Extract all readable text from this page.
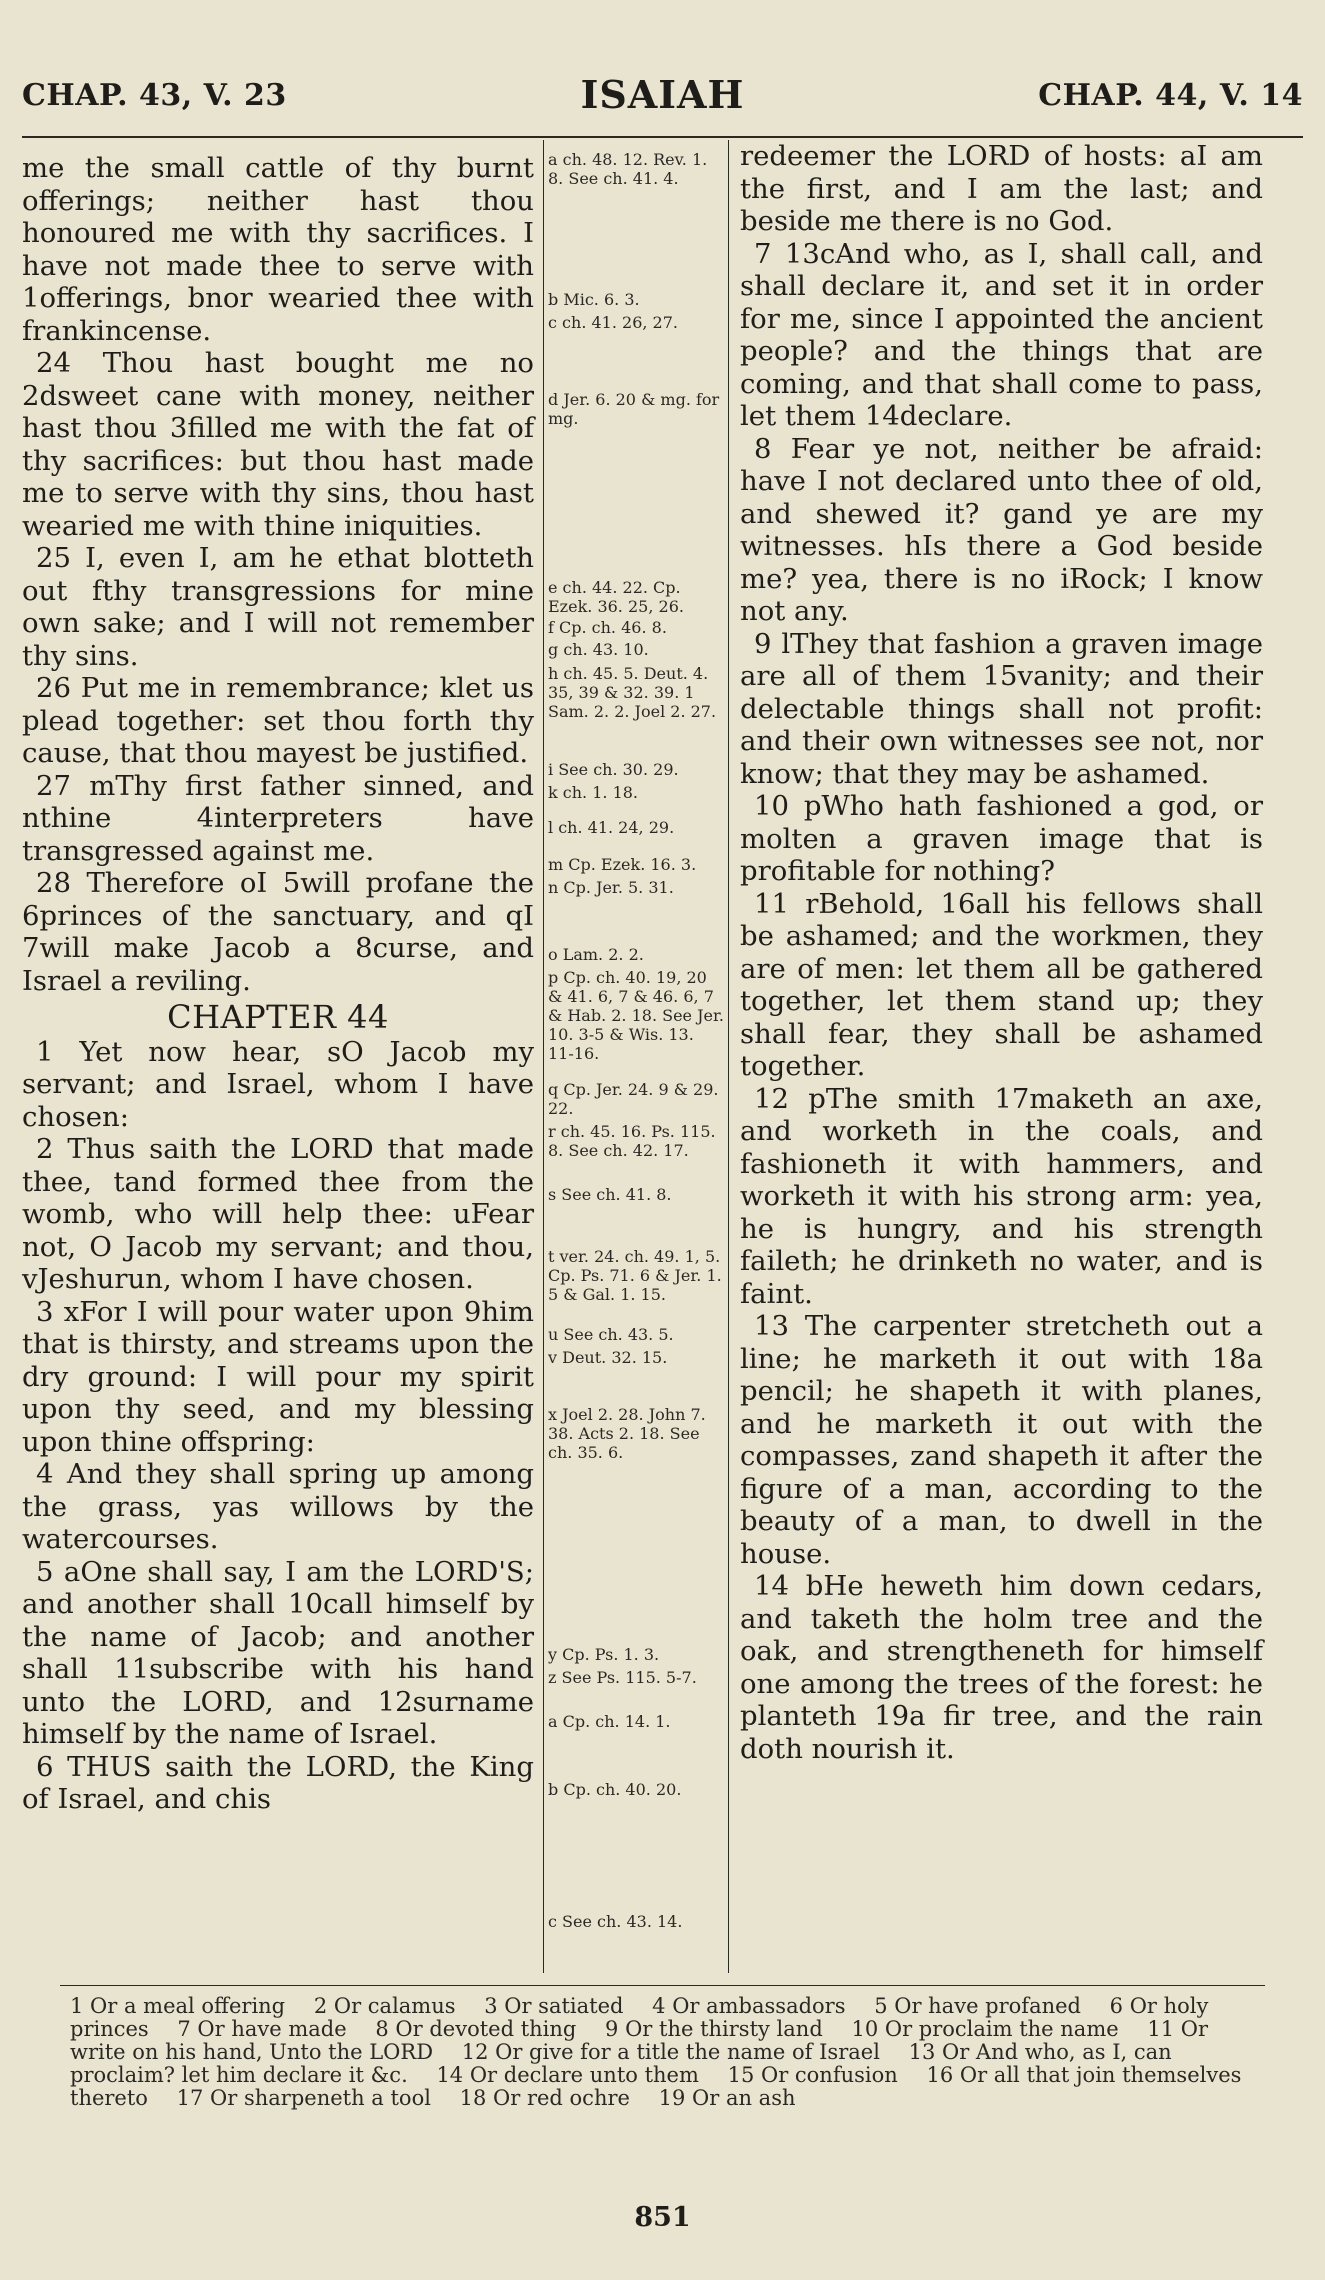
CHAP. 43, V. 23	ISAIAH	CHAP. 44, V. 14

me the small cattle of thy burnt offerings; neither hast thou honoured me with thy sacrifices. I have not made thee to serve with 1offerings, bnor wearied thee with frankincense.

24 Thou hast bought me no 2dsweet cane with money, neither hast thou 3filled me with the fat of thy sacrifices: but thou hast made me to serve with thy sins, thou hast wearied me with thine iniquities.

25 I, even I, am he ethat blotteth out fthy transgressions for mine own sake; and I will not remember thy sins.

26 Put me in remembrance; klet us plead together: set thou forth thy cause, that thou mayest be justified.

27 mThy first father sinned, and nthine 4interpreters have transgressed against me.

28 Therefore oI 5will profane the 6princes of the sanctuary, and qI 7will make Jacob a 8curse, and Israel a reviling.

CHAPTER 44

1 Yet now hear, sO Jacob my servant; and Israel, whom I have chosen:

2 Thus saith the LORD that made thee, tand formed thee from the womb, who will help thee: uFear not, O Jacob my servant; and thou, vJeshurun, whom I have chosen.

3 xFor I will pour water upon 9him that is thirsty, and streams upon the dry ground: I will pour my spirit upon thy seed, and my blessing upon thine offspring:

4 And they shall spring up among the grass, yas willows by the watercourses.

5 aOne shall say, I am the LORD'S; and another shall 10call himself by the name of Jacob; and another shall 11subscribe with his hand unto the LORD, and 12surname himself by the name of Israel.

6 THUS saith the LORD, the King of Israel, and chis

a ch. 48. 12. Rev. 1. 8. See ch. 41. 4.
b Mic. 6. 3.
c ch. 41. 26, 27.
d Jer. 6. 20 & mg. for mg.
e ch. 44. 22. Cp. Ezek. 36. 25, 26.
f Cp. ch. 46. 8.
g ch. 43. 10.
h ch. 45. 5. Deut. 4. 35, 39 & 32. 39. 1 Sam. 2. 2. Joel 2. 27.
i See ch. 30. 29.
k ch. 1. 18.
l ch. 41. 24, 29.
m Cp. Ezek. 16. 3.
n Cp. Jer. 5. 31.
o Lam. 2. 2.
p Cp. ch. 40. 19, 20 & 41. 6, 7 & 46. 6, 7 & Hab. 2. 18. See Jer. 10. 3-5 & Wis. 13. 11-16.
q Cp. Jer. 24. 9 & 29. 22.
r ch. 45. 16. Ps. 115. 8. See ch. 42. 17.
s See ch. 41. 8.
t ver. 24. ch. 49. 1, 5. Cp. Ps. 71. 6 & Jer. 1. 5 & Gal. 1. 15.
u See ch. 43. 5.
v Deut. 32. 15.
x Joel 2. 28. John 7. 38. Acts 2. 18. See ch. 35. 6.
y Cp. Ps. 1. 3.
z See Ps. 115. 5-7.
a Cp. ch. 14. 1.
b Cp. ch. 40. 20.
c See ch. 43. 14.

redeemer the LORD of hosts: aI am the first, and I am the last; and beside me there is no God.

7 13cAnd who, as I, shall call, and shall declare it, and set it in order for me, since I appointed the ancient people? and the things that are coming, and that shall come to pass, let them 14declare.

8 Fear ye not, neither be afraid: have I not declared unto thee of old, and shewed it? gand ye are my witnesses. hIs there a God beside me? yea, there is no iRock; I know not any.

9 lThey that fashion a graven image are all of them 15vanity; and their delectable things shall not profit: and their own witnesses see not, nor know; that they may be ashamed.

10 pWho hath fashioned a god, or molten a graven image that is profitable for nothing?

11 rBehold, 16all his fellows shall be ashamed; and the workmen, they are of men: let them all be gathered together, let them stand up; they shall fear, they shall be ashamed together.

12 pThe smith 17maketh an axe, and worketh in the coals, and fashioneth it with hammers, and worketh it with his strong arm: yea, he is hungry, and his strength faileth; he drinketh no water, and is faint.

13 The carpenter stretcheth out a line; he marketh it out with 18a pencil; he shapeth it with planes, and he marketh it out with the compasses, zand shapeth it after the figure of a man, according to the beauty of a man, to dwell in the house.

14 bHe heweth him down cedars, and taketh the holm tree and the oak, and strengtheneth for himself one among the trees of the forest: he planteth 19a fir tree, and the rain doth nourish it.

1 Or a meal offering 2 Or calamus 3 Or satiated 4 Or ambassadors 5 Or have profaned 6 Or holy princes 7 Or have made 8 Or devoted thing 9 Or the thirsty land 10 Or proclaim the name 11 Or write on his hand, Unto the LORD 12 Or give for a title the name of Israel 13 Or And who, as I, can proclaim? let him declare it &c. 14 Or declare unto them 15 Or confusion 16 Or all that join themselves thereto 17 Or sharpeneth a tool 18 Or red ochre 19 Or an ash
851
